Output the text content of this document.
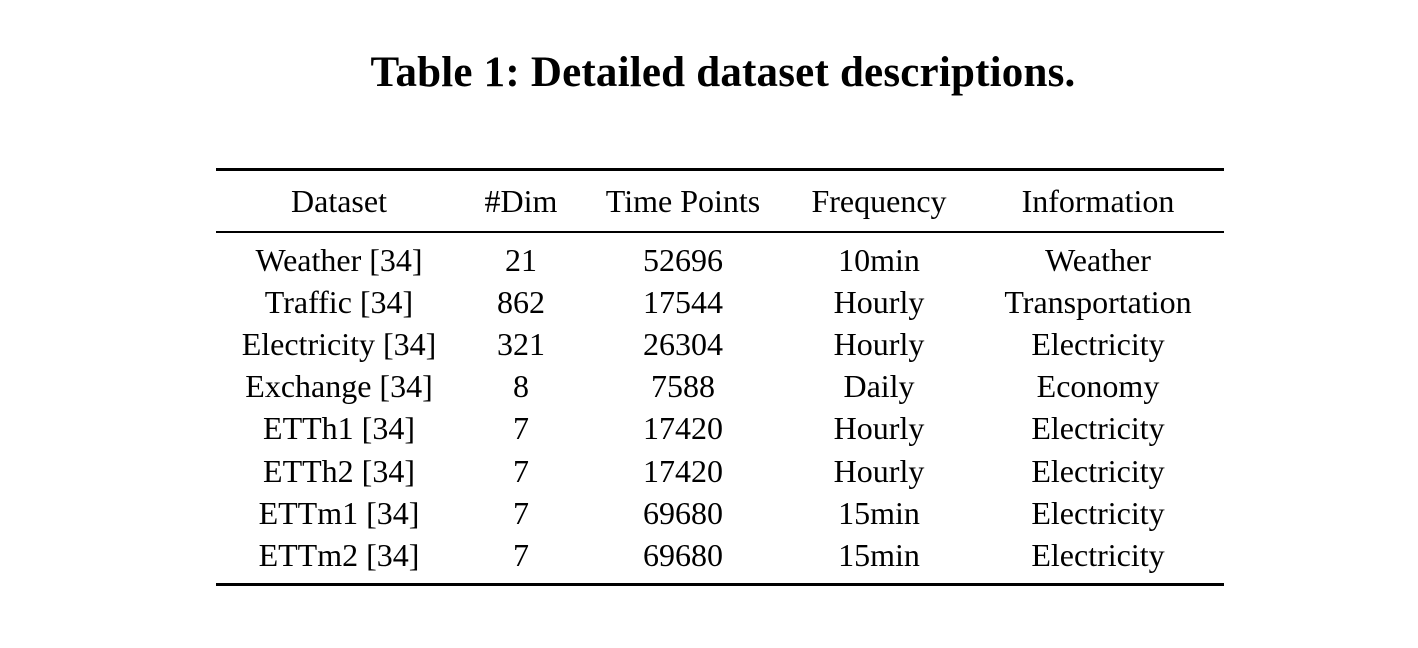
Table 1: Detailed dataset descriptions.
Dataset	#Dim	Time Points	Frequency	Information
Weather [34]	21	52696	10min	Weather
Traffic [34]	862	17544	Hourly	Transportation
Electricity [34]	321	26304	Hourly	Electricity
Exchange [34]	8	7588	Daily	Economy
ETTh1 [34]	7	17420	Hourly	Electricity
ETTh2 [34]	7	17420	Hourly	Electricity
ETTm1 [34]	7	69680	15min	Electricity
ETTm2 [34]	7	69680	15min	Electricity
